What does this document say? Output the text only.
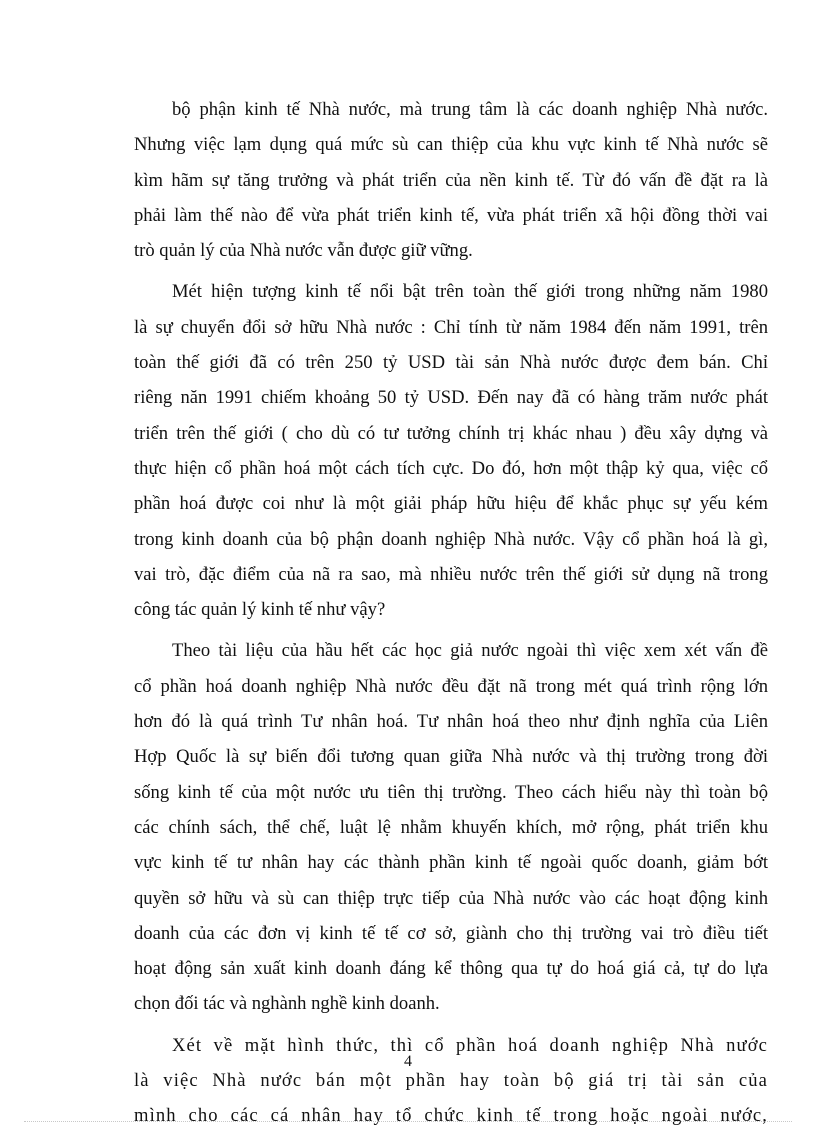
bộ phận kinh tế Nhà nước, mà trung tâm là các doanh nghiệp Nhà nước.
Nhưng việc lạm dụng quá mức sù can thiệp của khu vực kinh tế Nhà nước sẽ
kìm hãm sự tăng trưởng và phát triển của nền kinh tế. Từ đó vấn đề đặt ra là
phải làm thế nào để vừa phát triển kinh tế, vừa phát triển xã hội đồng thời vai
trò quản lý của Nhà nước vẫn được giữ vững.
Mét hiện tượng kinh tế nổi bật trên toàn thế giới trong những năm 1980
là sự chuyển đổi sở hữu Nhà nước : Chỉ tính từ năm 1984 đến năm 1991, trên
toàn thế giới đã có trên 250 tỷ USD tài sản Nhà nước được đem bán. Chỉ
riêng năn 1991 chiếm khoảng 50 tỷ USD. Đến nay đã có hàng trăm nước phát
triển trên thế giới ( cho dù có tư tưởng chính trị khác nhau ) đều xây dựng và
thực hiện cổ phần hoá một cách tích cực. Do đó, hơn một thập kỷ qua, việc cổ
phần hoá được coi như là một giải pháp hữu hiệu để khắc phục sự yếu kém
trong kinh doanh của bộ phận doanh nghiệp Nhà nước. Vậy cổ phần hoá là gì,
vai trò, đặc điểm của nã ra sao, mà nhiều nước trên thế giới sử dụng nã trong
công tác quản lý kinh tế như vậy?
Theo tài liệu của hầu hết các học giả nước ngoài thì việc xem xét vấn đề
cổ phần hoá doanh nghiệp Nhà nước đều đặt nã trong mét quá trình rộng lớn
hơn đó là quá trình Tư nhân hoá. Tư nhân hoá theo như định nghĩa của Liên
Hợp Quốc là sự biến đổi tương quan giữa Nhà nước và thị trường trong đời
sống kinh tế của một nước ưu tiên thị trường. Theo cách hiểu này thì toàn bộ
các chính sách, thể chế, luật lệ nhằm khuyến khích, mở rộng, phát triển khu
vực kinh tế tư nhân hay các thành phần kinh tế ngoài quốc doanh, giảm bớt
quyền sở hữu và sù can thiệp trực tiếp của Nhà nước vào các hoạt động kinh
doanh của các đơn vị kinh tế tế cơ sở, giành cho thị trường vai trò điều tiết
hoạt động sản xuất kinh doanh đáng kể thông qua tự do hoá giá cả, tự do lựa
chọn đối tác và nghành nghề kinh doanh.
Xét về mặt hình thức, thì cổ phần hoá doanh nghiệp Nhà nước
là việc Nhà nước bán một phần hay toàn bộ giá trị tài sản của
mình cho các cá nhân hay tổ chức kinh tế trong hoặc ngoài nước,
4
